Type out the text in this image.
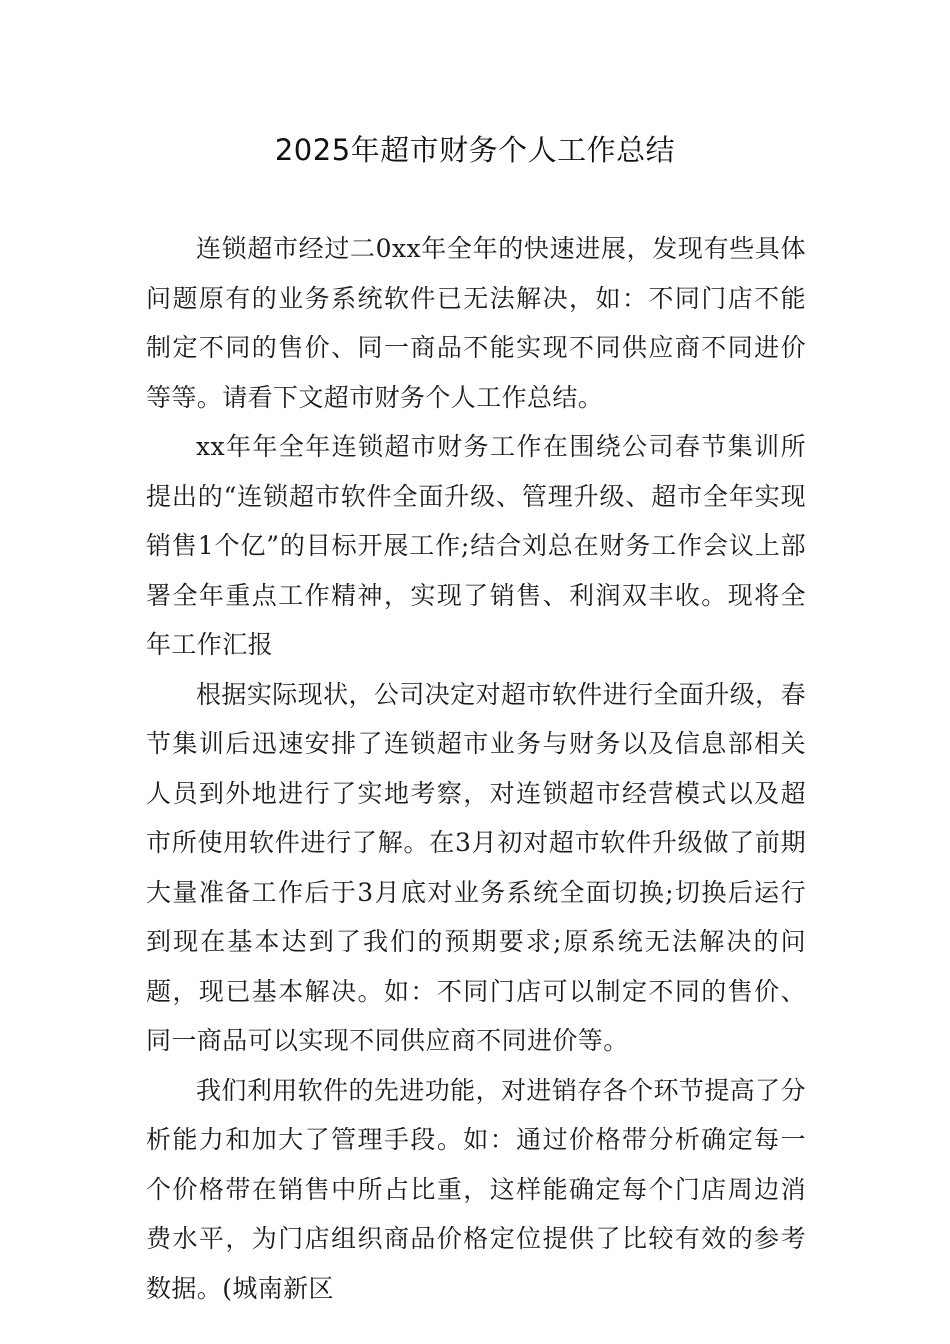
2025年超市财务个人工作总结

连锁超市经过二0xx年全年的快速进展，发现有些具体问题原有的业务系统软件已无法解决，如：不同门店不能制定不同的售价、同一商品不能实现不同供应商不同进价等等。请看下文超市财务个人工作总结。

xx年年全年连锁超市财务工作在围绕公司春节集训所提出的“连锁超市软件全面升级、管理升级、超市全年实现销售1个亿”的目标开展工作;结合刘总在财务工作会议上部署全年重点工作精神，实现了销售、利润双丰收。现将全年工作汇报

根据实际现状，公司决定对超市软件进行全面升级，春节集训后迅速安排了连锁超市业务与财务以及信息部相关人员到外地进行了实地考察，对连锁超市经营模式以及超市所使用软件进行了解。在3月初对超市软件升级做了前期大量准备工作后于3月底对业务系统全面切换;切换后运行到现在基本达到了我们的预期要求;原系统无法解决的问题，现已基本解决。如：不同门店可以制定不同的售价、同一商品可以实现不同供应商不同进价等。

我们利用软件的先进功能，对进销存各个环节提高了分析能力和加大了管理手段。如：通过价格带分析确定每一个价格带在销售中所占比重，这样能确定每个门店周边消费水平，为门店组织商品价格定位提供了比较有效的参考数据。(城南新区
